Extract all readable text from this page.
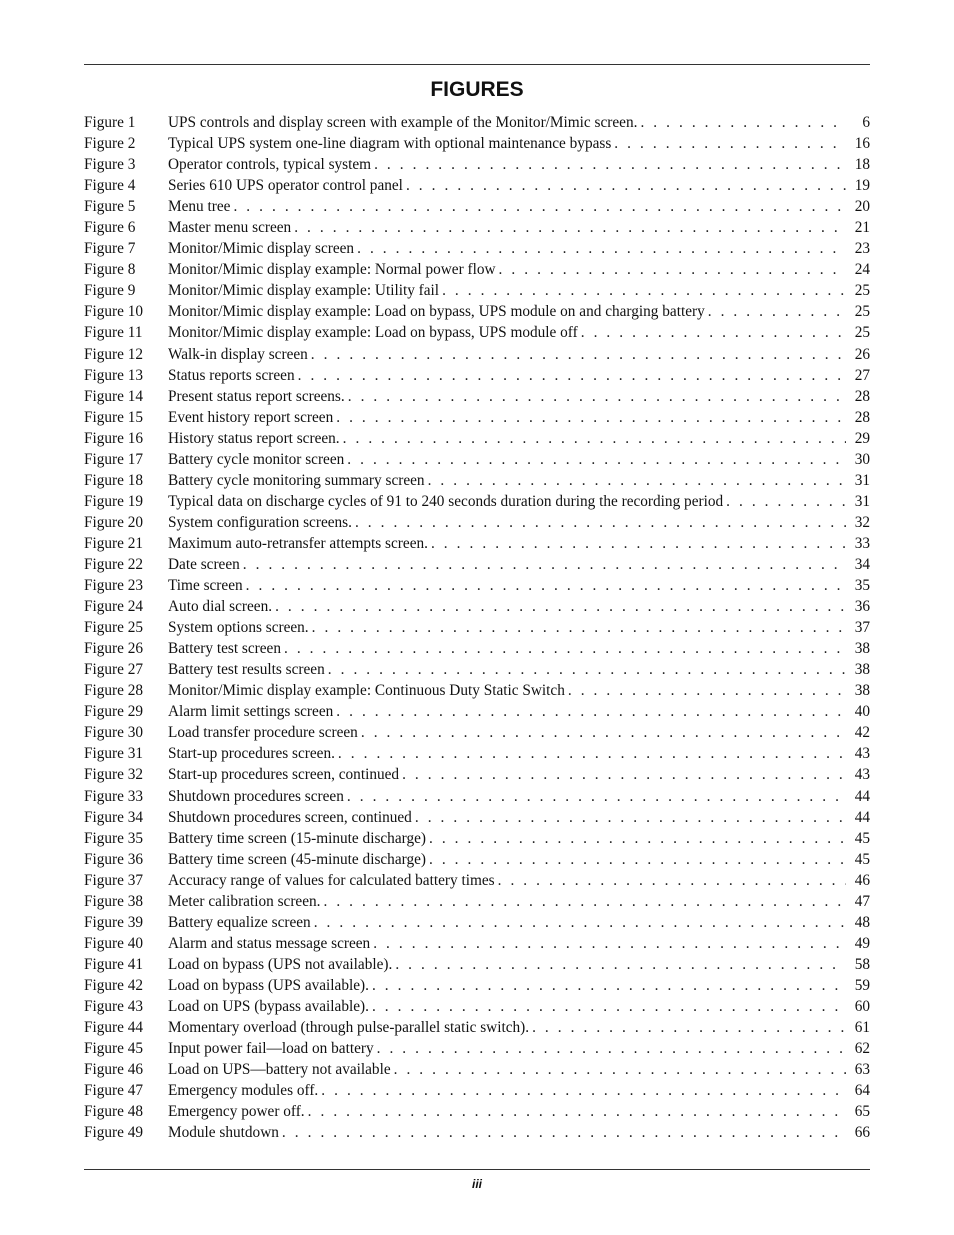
FIGURES
Figure 1	UPS controls and display screen with example of the Monitor/Mimic screen. . . .	6
Figure 2	Typical UPS system one-line diagram with optional maintenance bypass . . .	16
Figure 3	Operator controls, typical system . . .	18
Figure 4	Series 610 UPS operator control panel . . .	19
Figure 5	Menu tree . . .	20
Figure 6	Master menu screen . . .	21
Figure 7	Monitor/Mimic display screen . . .	23
Figure 8	Monitor/Mimic display example: Normal power flow . . .	24
Figure 9	Monitor/Mimic display example: Utility fail . . .	25
Figure 10	Monitor/Mimic display example: Load on bypass, UPS module on and charging battery . . .	25
Figure 11	Monitor/Mimic display example: Load on bypass, UPS module off . . .	25
Figure 12	Walk-in display screen . . .	26
Figure 13	Status reports screen . . .	27
Figure 14	Present status report screens. . . .	28
Figure 15	Event history report screen . . .	28
Figure 16	History status report screen. . . .	29
Figure 17	Battery cycle monitor screen . . .	30
Figure 18	Battery cycle monitoring summary screen . . .	31
Figure 19	Typical data on discharge cycles of 91 to 240 seconds duration during the recording period . . .	31
Figure 20	System configuration screens. . . .	32
Figure 21	Maximum auto-retransfer attempts screen. . . .	33
Figure 22	Date screen . . .	34
Figure 23	Time screen . . .	35
Figure 24	Auto dial screen. . . .	36
Figure 25	System options screen. . . .	37
Figure 26	Battery test screen . . .	38
Figure 27	Battery test results screen . . .	38
Figure 28	Monitor/Mimic display example: Continuous Duty Static Switch . . .	38
Figure 29	Alarm limit settings screen . . .	40
Figure 30	Load transfer procedure screen . . .	42
Figure 31	Start-up procedures screen. . . .	43
Figure 32	Start-up procedures screen, continued . . .	43
Figure 33	Shutdown procedures screen . . .	44
Figure 34	Shutdown procedures screen, continued . . .	44
Figure 35	Battery time screen (15-minute discharge) . . .	45
Figure 36	Battery time screen (45-minute discharge) . . .	45
Figure 37	Accuracy range of values for calculated battery times . . .	46
Figure 38	Meter calibration screen. . . .	47
Figure 39	Battery equalize screen . . .	48
Figure 40	Alarm and status message screen . . .	49
Figure 41	Load on bypass (UPS not available). . . .	58
Figure 42	Load on bypass (UPS available). . . .	59
Figure 43	Load on UPS (bypass available). . . .	60
Figure 44	Momentary overload (through pulse-parallel static switch). . . .	61
Figure 45	Input power fail—load on battery . . .	62
Figure 46	Load on UPS—battery not available . . .	63
Figure 47	Emergency modules off. . . .	64
Figure 48	Emergency power off. . . .	65
Figure 49	Module shutdown . . .	66
iii
